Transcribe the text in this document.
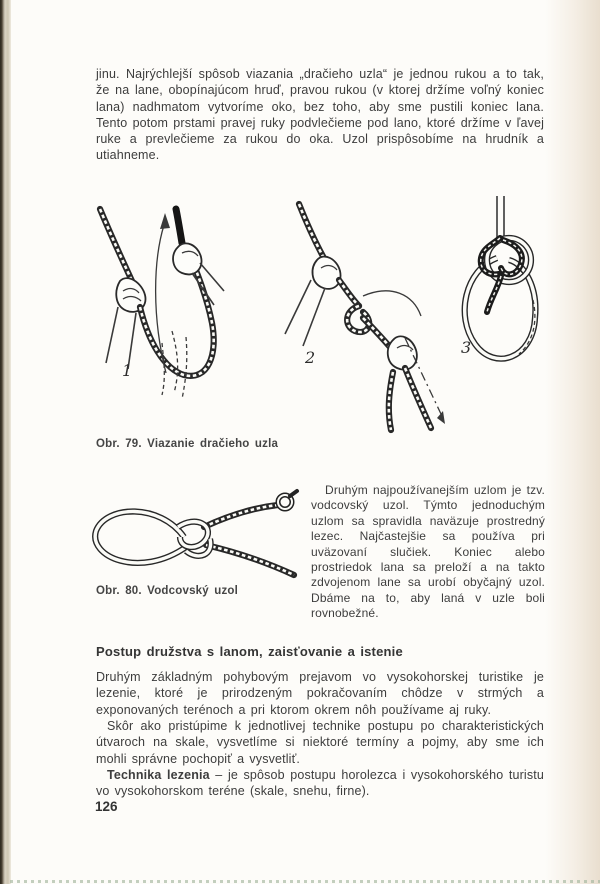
jinu. Najrýchlejší spôsob viazania „dračieho uzla“ je jednou rukou a to tak, že na lane, obopínajúcom hruď, pravou rukou (v ktorej držíme voľný koniec lana) nadhmatom vytvoríme oko, bez toho, aby sme pustili koniec lana. Tento potom prstami pravej ruky podvlečieme pod lano, ktoré držíme v ľavej ruke a prevlečieme za rukou do oka. Uzol prispôsobíme na hrudník a utiahneme.
1
2
3
Obr. 79. Viazanie dračieho uzla
Obr. 80. Vodcovský uzol
Druhým najpoužívanejším uzlom je tzv. vodcovský uzol. Týmto jednoduchým uzlom sa spravidla naväzuje prostredný lezec. Najčastejšie sa používa pri uväzovaní slučiek. Koniec alebo prostriedok lana sa preloží a na takto zdvojenom lane sa urobí obyčajný uzol. Dbáme na to, aby laná v uzle boli rovnobežné.
Postup družstva s lanom, zaisťovanie a istenie
Druhým základným pohybovým prejavom vo vysokohorskej turistike je lezenie, ktoré je prirodzeným pokračovaním chôdze v strmých a exponovaných terénoch a pri ktorom okrem nôh používame aj ruky.
Skôr ako pristúpime k jednotlivej technike postupu po charakteristických útvaroch na skale, vysvetlíme si niektoré termíny a pojmy, aby sme ich mohli správne pochopiť a vysvetliť.
Technika lezenia – je spôsob postupu horolezca i vysokohorského turistu vo vysokohorskom teréne (skale, snehu, firne).
126
